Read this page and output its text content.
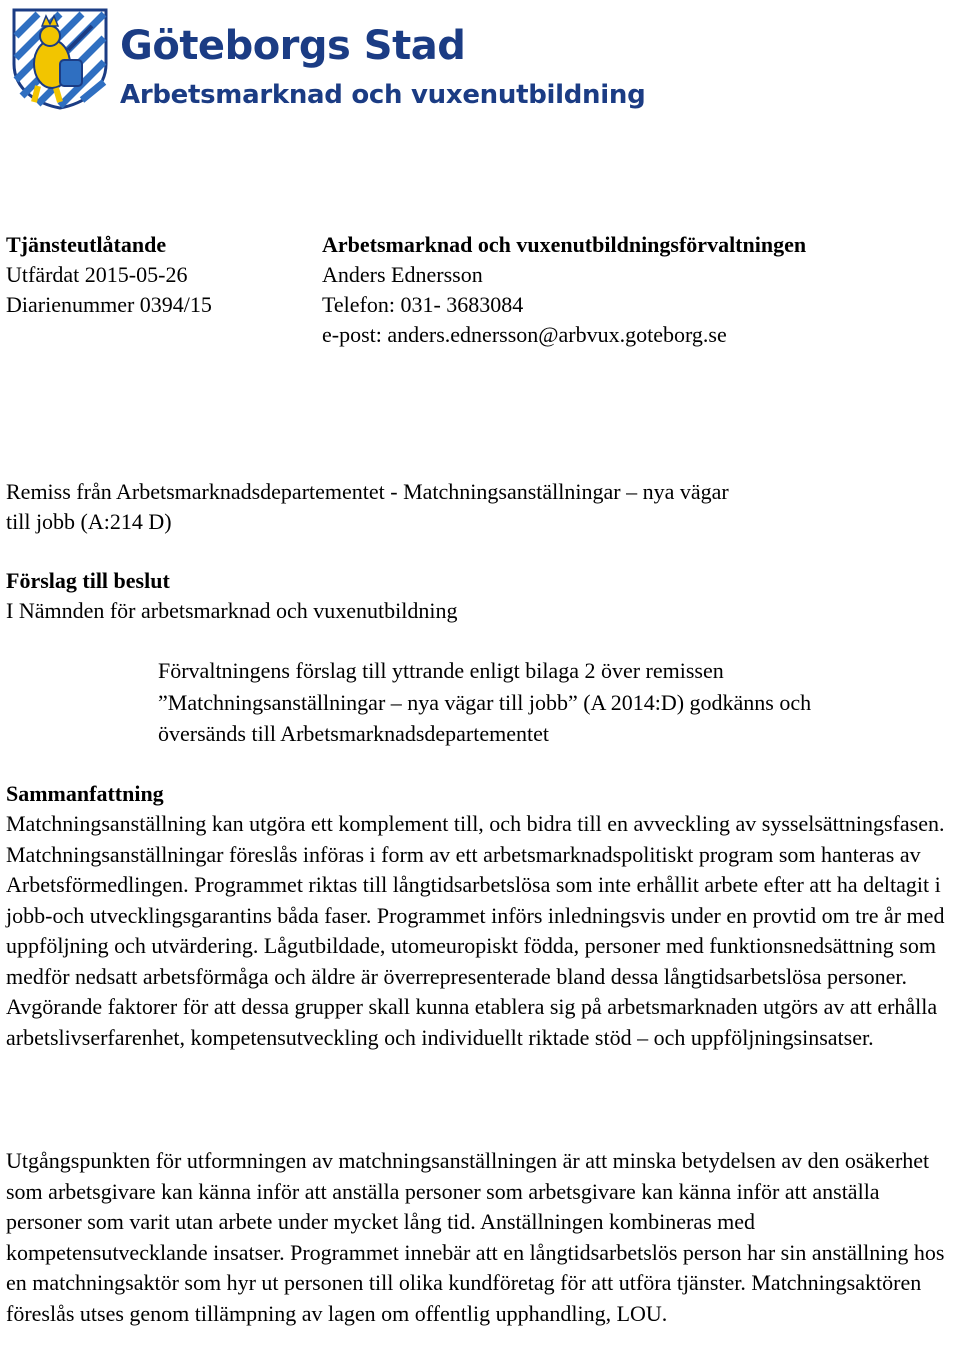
Göteborgs Stad
Arbetsmarknad och vuxenutbildning
Tjänsteutlåtande
Utfärdat 2015-05-26
Diarienummer 0394/15
Arbetsmarknad och vuxenutbildningsförvaltningen
Anders Ednersson
Telefon: 031- 3683084
e-post: anders.ednersson@arbvux.goteborg.se
Remiss från Arbetsmarknadsdepartementet - Matchningsanställningar – nya vägar
till jobb (A:214 D)
Förslag till beslut
I Nämnden för arbetsmarknad och vuxenutbildning
Förvaltningens förslag till yttrande enligt bilaga 2 över remissen
”Matchningsanställningar – nya vägar till jobb” (A 2014:D) godkänns och
översänds till Arbetsmarknadsdepartementet
Sammanfattning

Matchningsanställning kan utgöra ett komplement till, och bidra till en avveckling av sysselsättningsfasen. Matchningsanställningar föreslås införas i form av ett arbetsmarknadspolitiskt program som hanteras av Arbetsförmedlingen. Programmet riktas till långtidsarbetslösa som inte erhållit arbete efter att ha deltagit i jobb-och utvecklingsgarantins båda faser. Programmet införs inledningsvis under en provtid om tre år med uppföljning och utvärdering. Lågutbildade, utomeuropiskt födda, personer med funktionsnedsättning som medför nedsatt arbetsförmåga och äldre är överrepresenterade bland dessa långtidsarbetslösa personer. Avgörande faktorer för att dessa grupper skall kunna etablera sig på arbetsmarknaden utgörs av att erhålla arbetslivserfarenhet, kompetensutveckling och individuellt riktade stöd – och uppföljningsinsatser.

Utgångspunkten för utformningen av matchningsanställningen är att minska betydelsen av den osäkerhet som arbetsgivare kan känna inför att anställa personer som arbetsgivare kan känna inför att anställa personer som varit utan arbete under mycket lång tid. Anställningen kombineras med kompetensutvecklande insatser. Programmet innebär att en långtidsarbetslös person har sin anställning hos en matchningsaktör som hyr ut personen till olika kundföretag för att utföra tjänster. Matchningsaktören föreslås utses genom tillämpning av lagen om offentlig upphandling, LOU.
